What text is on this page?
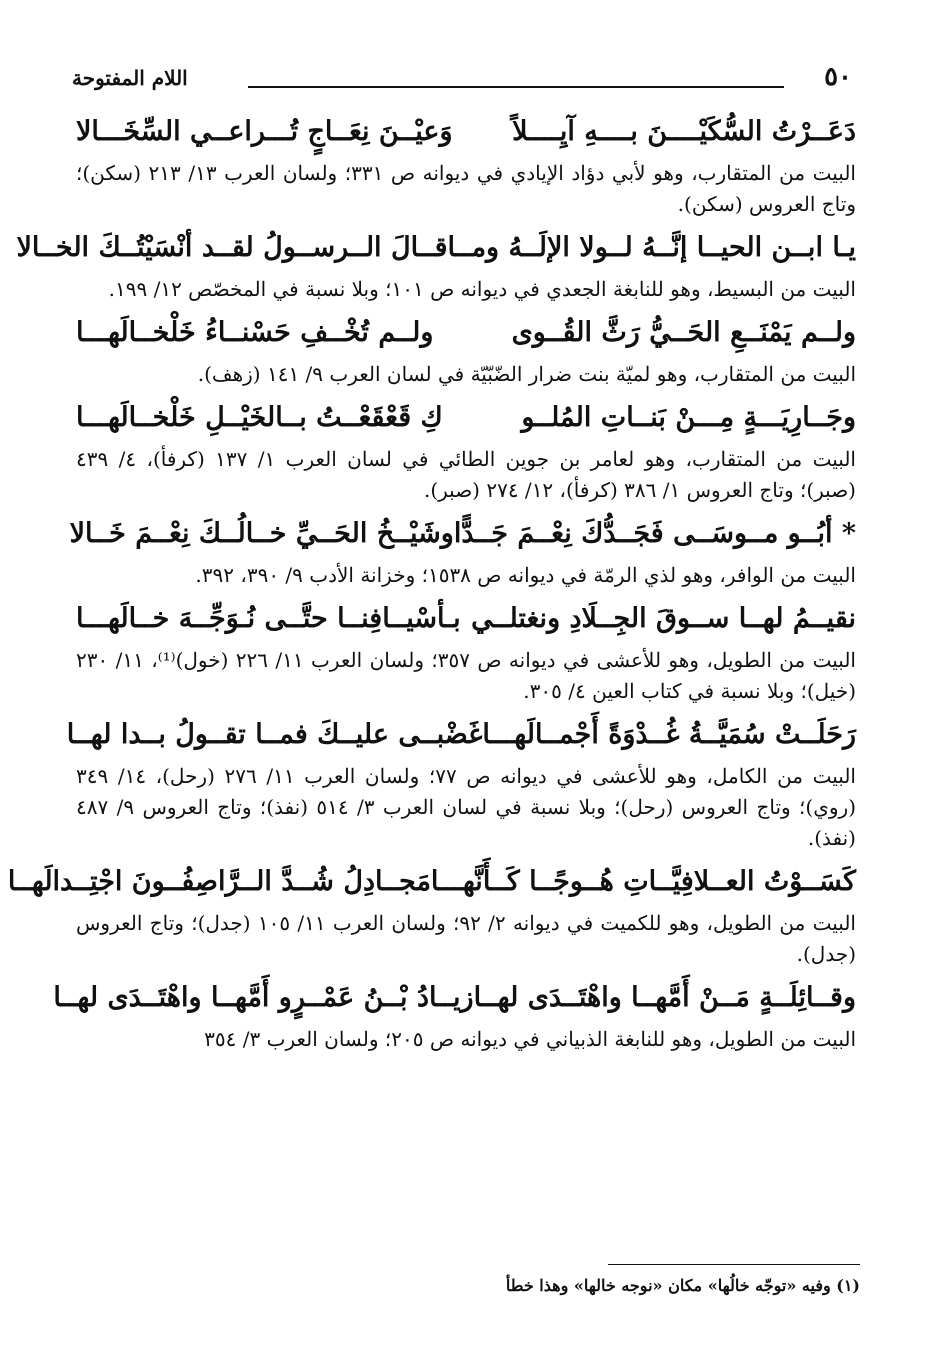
٥٠
اللام المفتوحة
دَعَــرْتُ السُّكَيْــــنَ بــــهِ آيِــــلاً
وَعيْــنَ نِعَــاجٍ تُـــراعــي السِّخَـــالا

البيت من المتقارب، وهو لأبي دؤاد الإيادي في ديوانه ص ٣٣١؛ ولسان العرب ١٣/ ٢١٣ (سكن)؛ وتاج العروس (سكن).

يـا ابــن الحيــا إنَّــهُ لــولا الإلَــهُ ومــا
قــالَ الــرســولُ لقــد أنْسَيْتُــكَ الخــالا

البيت من البسيط، وهو للنابغة الجعدي في ديوانه ص ١٠١؛ وبلا نسبة في المخصّص ١٢/ ١٩٩.

ولــم يَمْنَــعِ الحَــيُّ رَثَّ القُــوى
ولــم تُخْــفِ حَسْنــاءُ خَلْخــالَهـــا

البيت من المتقارب، وهو لميّة بنت ضرار الضّبّيّة في لسان العرب ٩/ ١٤١ (زهف).

وجَــارِيَـــةٍ مِـــنْ بَنــاتِ المُلــو
كِ قَعْقَعْــتُ بــالخَيْــلِ خَلْخــالَهـــا

البيت من المتقارب، وهو لعامر بن جوين الطائي في لسان العرب ١/ ١٣٧ (كرفأ)، ٤/ ٤٣٩ (صبر)؛ وتاج العروس ١/ ٣٨٦ (كرفأ)، ١٢/ ٢٧٤ (صبر).

* أبُــو مــوسَــى فَجَــدُّكَ نِعْــمَ جَــدًّا
وشَيْــخُ الحَــيِّ خــالُــكَ نِعْــمَ خَــالا

البيت من الوافر، وهو لذي الرمّة في ديوانه ص ١٥٣٨؛ وخزانة الأدب ٩/ ٣٩٠، ٣٩٢.

نقيــمُ لهــا ســوقَ الجِــلَادِ ونغتلــي
بـأسْيــافِنــا حتَّــى نُـوَجِّــهَ خــالَهـــا

البيت من الطويل، وهو للأعشى في ديوانه ص ٣٥٧؛ ولسان العرب ١١/ ٢٢٦ (خول)⁽¹⁾، ١١/ ٢٣٠ (خيل)؛ وبلا نسبة في كتاب العين ٤/ ٣٠٥.

رَحَلَــتْ سُمَيَّــةُ غُــدْوَةً أَجْمــالَهـــا
غَضْبــى عليــكَ فمــا تقــولُ بــدا لهــا

البيت من الكامل، وهو للأعشى في ديوانه ص ٧٧؛ ولسان العرب ١١/ ٢٧٦ (رحل)، ١٤/ ٣٤٩ (روي)؛ وتاج العروس (رحل)؛ وبلا نسبة في لسان العرب ٣/ ٥١٤ (نفذ)؛ وتاج العروس ٩/ ٤٨٧ (نفذ).

كَسَــوْتُ العــلافِيَّــاتِ هُــوجًــا كَــأَنَّهـــا
مَجــادِلُ شُــدَّ الــرَّاصِفُــونَ اجْتِــدالَهــا

البيت من الطويل، وهو للكميت في ديوانه ٢/ ٩٢؛ ولسان العرب ١١/ ١٠٥ (جدل)؛ وتاج العروس (جدل).

وقــائِلَــةٍ مَــنْ أَمَّهــا واهْتَــدَى لهــا
زيــادُ بْــنُ عَمْــرٍو أَمَّهــا واهْتَــدَى لهــا

البيت من الطويل، وهو للنابغة الذبياني في ديوانه ص ٢٠٥؛ ولسان العرب ٣/ ٣٥٤

(١) وفيه «توجّه خالُها» مكان «نوجه خالها» وهذا خطأ
